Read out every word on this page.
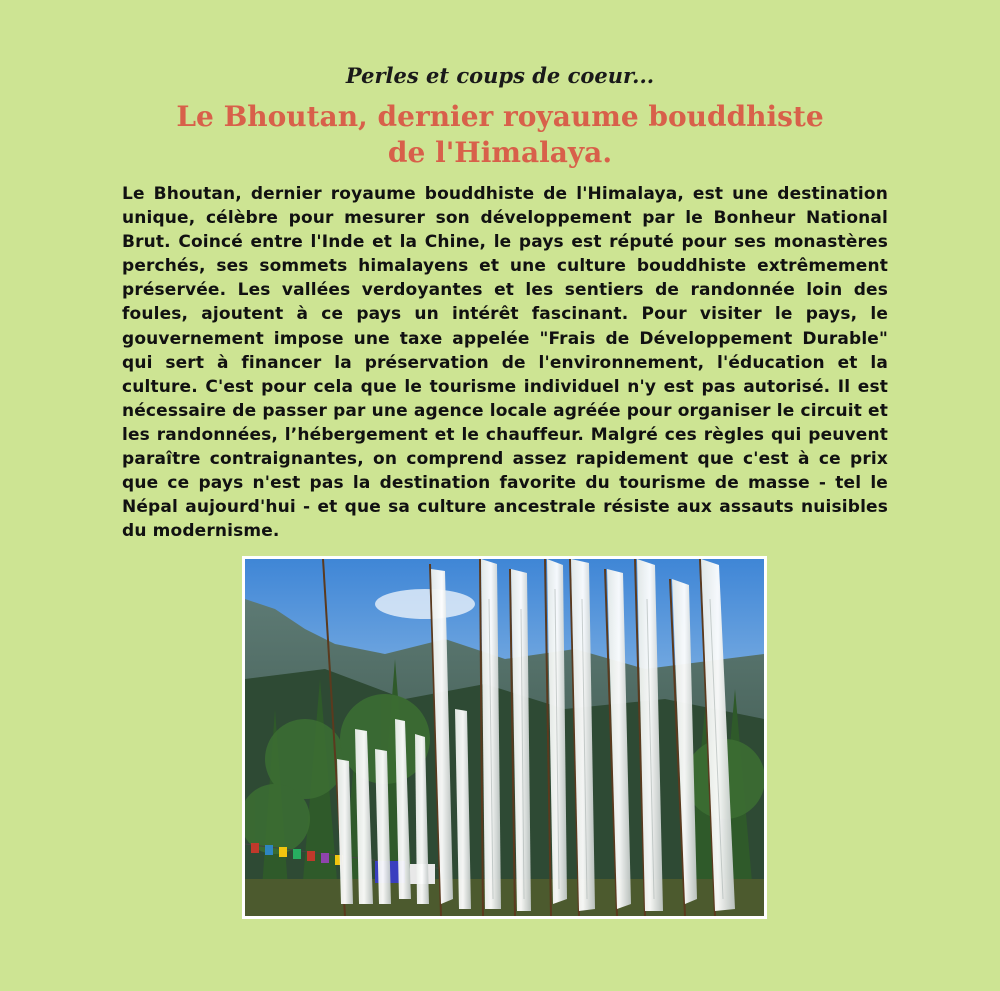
Perles et coups de coeur...
Le Bhoutan, dernier royaume bouddhiste
de l'Himalaya.
Le Bhoutan, dernier royaume bouddhiste de l'Himalaya, est une destination unique, célèbre pour mesurer son développement par le Bonheur National Brut. Coincé entre l'Inde et la Chine, le pays est réputé pour ses monastères perchés, ses sommets himalayens et une culture bouddhiste extrêmement préservée. Les vallées verdoyantes et les sentiers de randonnée loin des foules, ajoutent à ce pays un intérêt fascinant. Pour visiter le pays, le gouvernement impose une taxe appelée "Frais de Développement Durable" qui sert à financer la préservation de l'environnement, l'éducation et la culture. C'est pour cela que le tourisme individuel n'y est pas autorisé. Il est nécessaire de passer par une agence locale agréée pour organiser le circuit et les randonnées, l’hébergement et le chauffeur. Malgré ces règles qui peuvent paraître contraignantes, on comprend assez rapidement que c'est à ce prix que ce pays n'est pas la destination favorite du tourisme de masse - tel le Népal aujourd'hui - et que sa culture ancestrale résiste aux assauts nuisibles du modernisme.
